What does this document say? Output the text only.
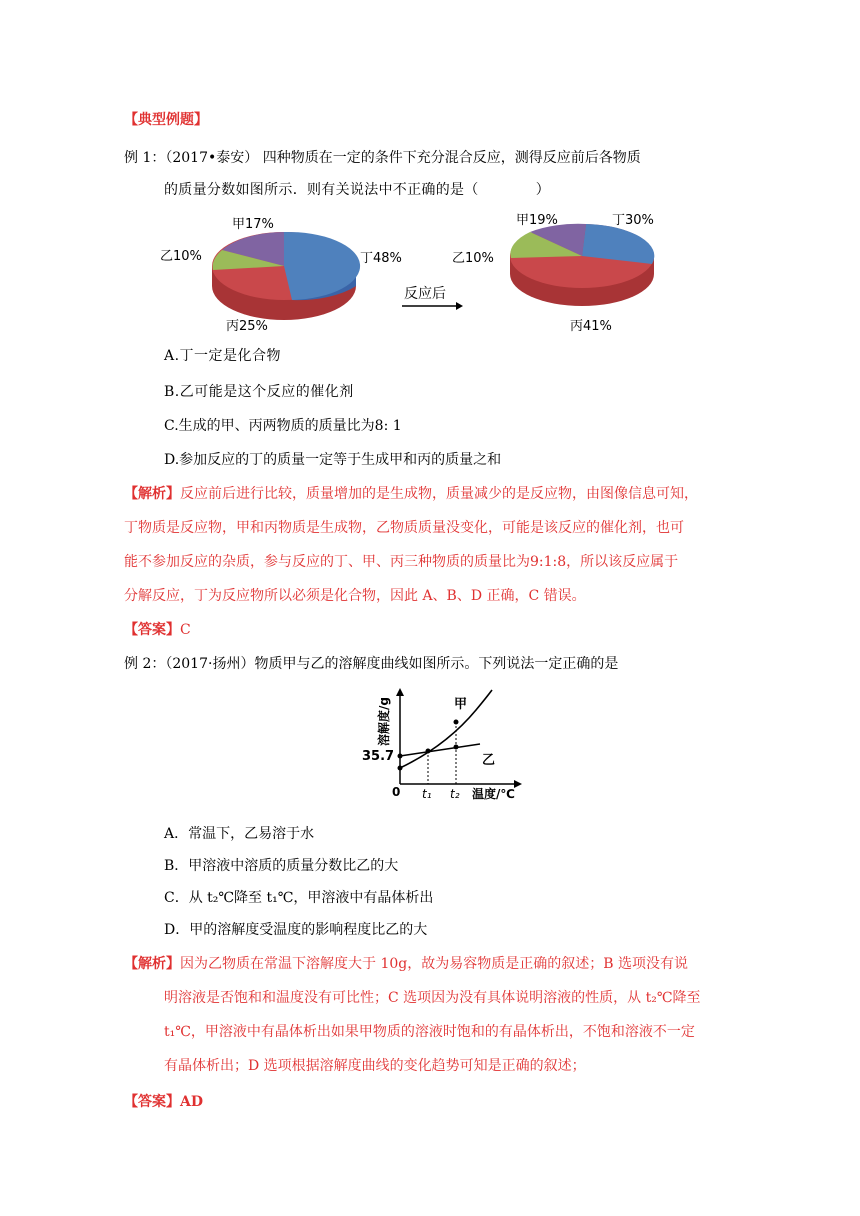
【典型例题】
例 1：（2017•泰安） 四种物质在一定的条件下充分混合反应，测得反应前后各物质
的质量分数如图所示．则有关说法中不正确的是（　　　　）
甲17%
乙10%
丙25%
丁48%
反应后
甲19%
乙10%
丙41%
丁30%
A.丁一定是化合物
B.乙可能是这个反应的催化剂
C.生成的甲、丙两物质的质量比为8: 1
D.参加反应的丁的质量一定等于生成甲和丙的质量之和
【解析】反应前后进行比较，质量增加的是生成物，质量减少的是反应物，由图像信息可知，
丁物质是反应物，甲和丙物质是生成物，乙物质质量没变化，可能是该反应的催化剂，也可
能不参加反应的杂质，参与反应的丁、甲、丙三种物质的质量比为9:1:8，所以该反应属于
分解反应，丁为反应物所以必须是化合物，因此 A、B、D 正确，C 错误。
【答案】C
例 2：（2017·扬州）物质甲与乙的溶解度曲线如图所示。下列说法一定正确的是
溶解度/g
35.7
0 t₁ t₂ 温度/℃
甲
乙
A．常温下，乙易溶于水
B．甲溶液中溶质的质量分数比乙的大
C．从 t₂℃降至 t₁℃，甲溶液中有晶体析出
D．甲的溶解度受温度的影响程度比乙的大
【解析】因为乙物质在常温下溶解度大于 10g，故为易容物质是正确的叙述；B 选项没有说
明溶液是否饱和和温度没有可比性；C 选项因为没有具体说明溶液的性质，从 t₂℃降至
t₁℃，甲溶液中有晶体析出如果甲物质的溶液时饱和的有晶体析出，不饱和溶液不一定
有晶体析出；D 选项根据溶解度曲线的变化趋势可知是正确的叙述；
【答案】AD
